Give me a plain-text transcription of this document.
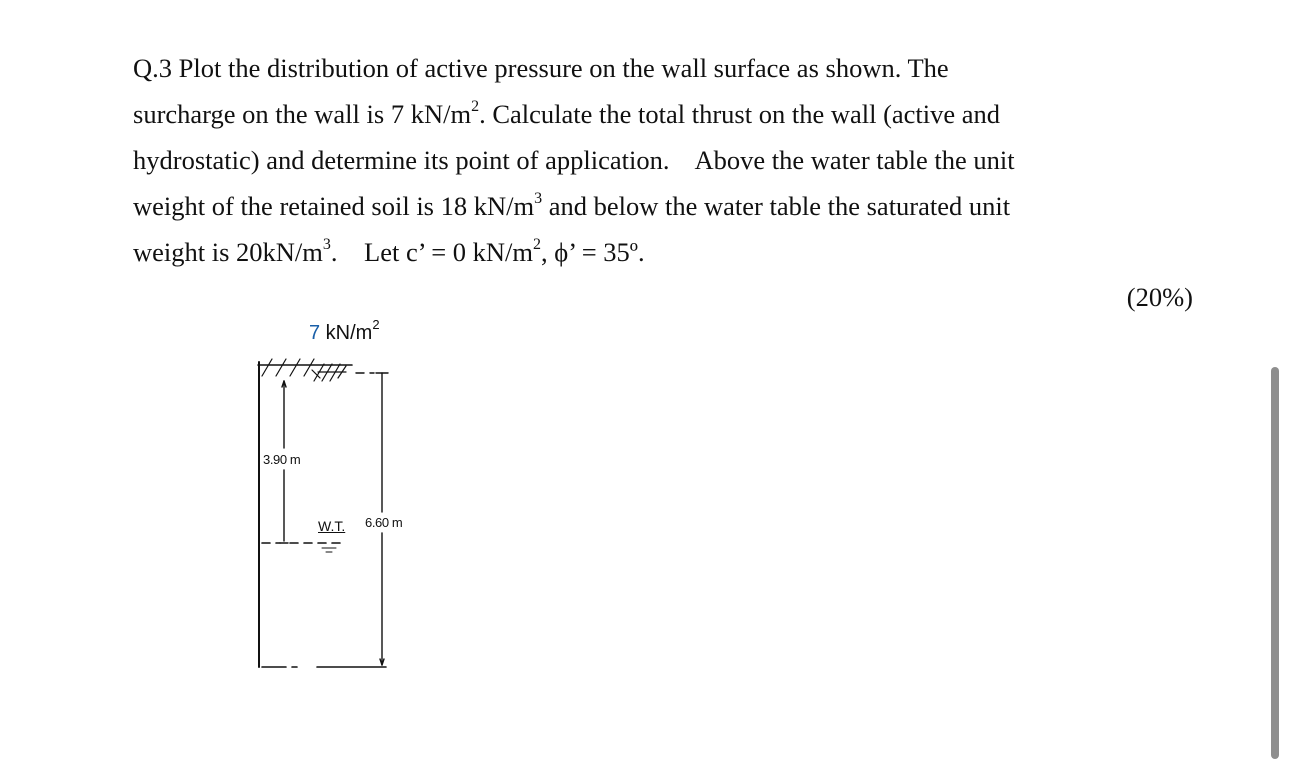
Q.3 Plot the distribution of active pressure on the wall surface as shown. The
surcharge on the wall is 7 $kN/m^2$. Calculate the total thrust on the wall (active and
hydrostatic) and determine its point of application.    Above the water table the unit
weight of the retained soil is 18 $kN/m^3$ and below the water table the saturated unit
weight is $20kN/m^3$.    Let c’ = 0 $kN/m^2$, ϕ’ = 35º.
(20%)
7 $kN/m^2$
3.90 m
6.60 m
W.T.
